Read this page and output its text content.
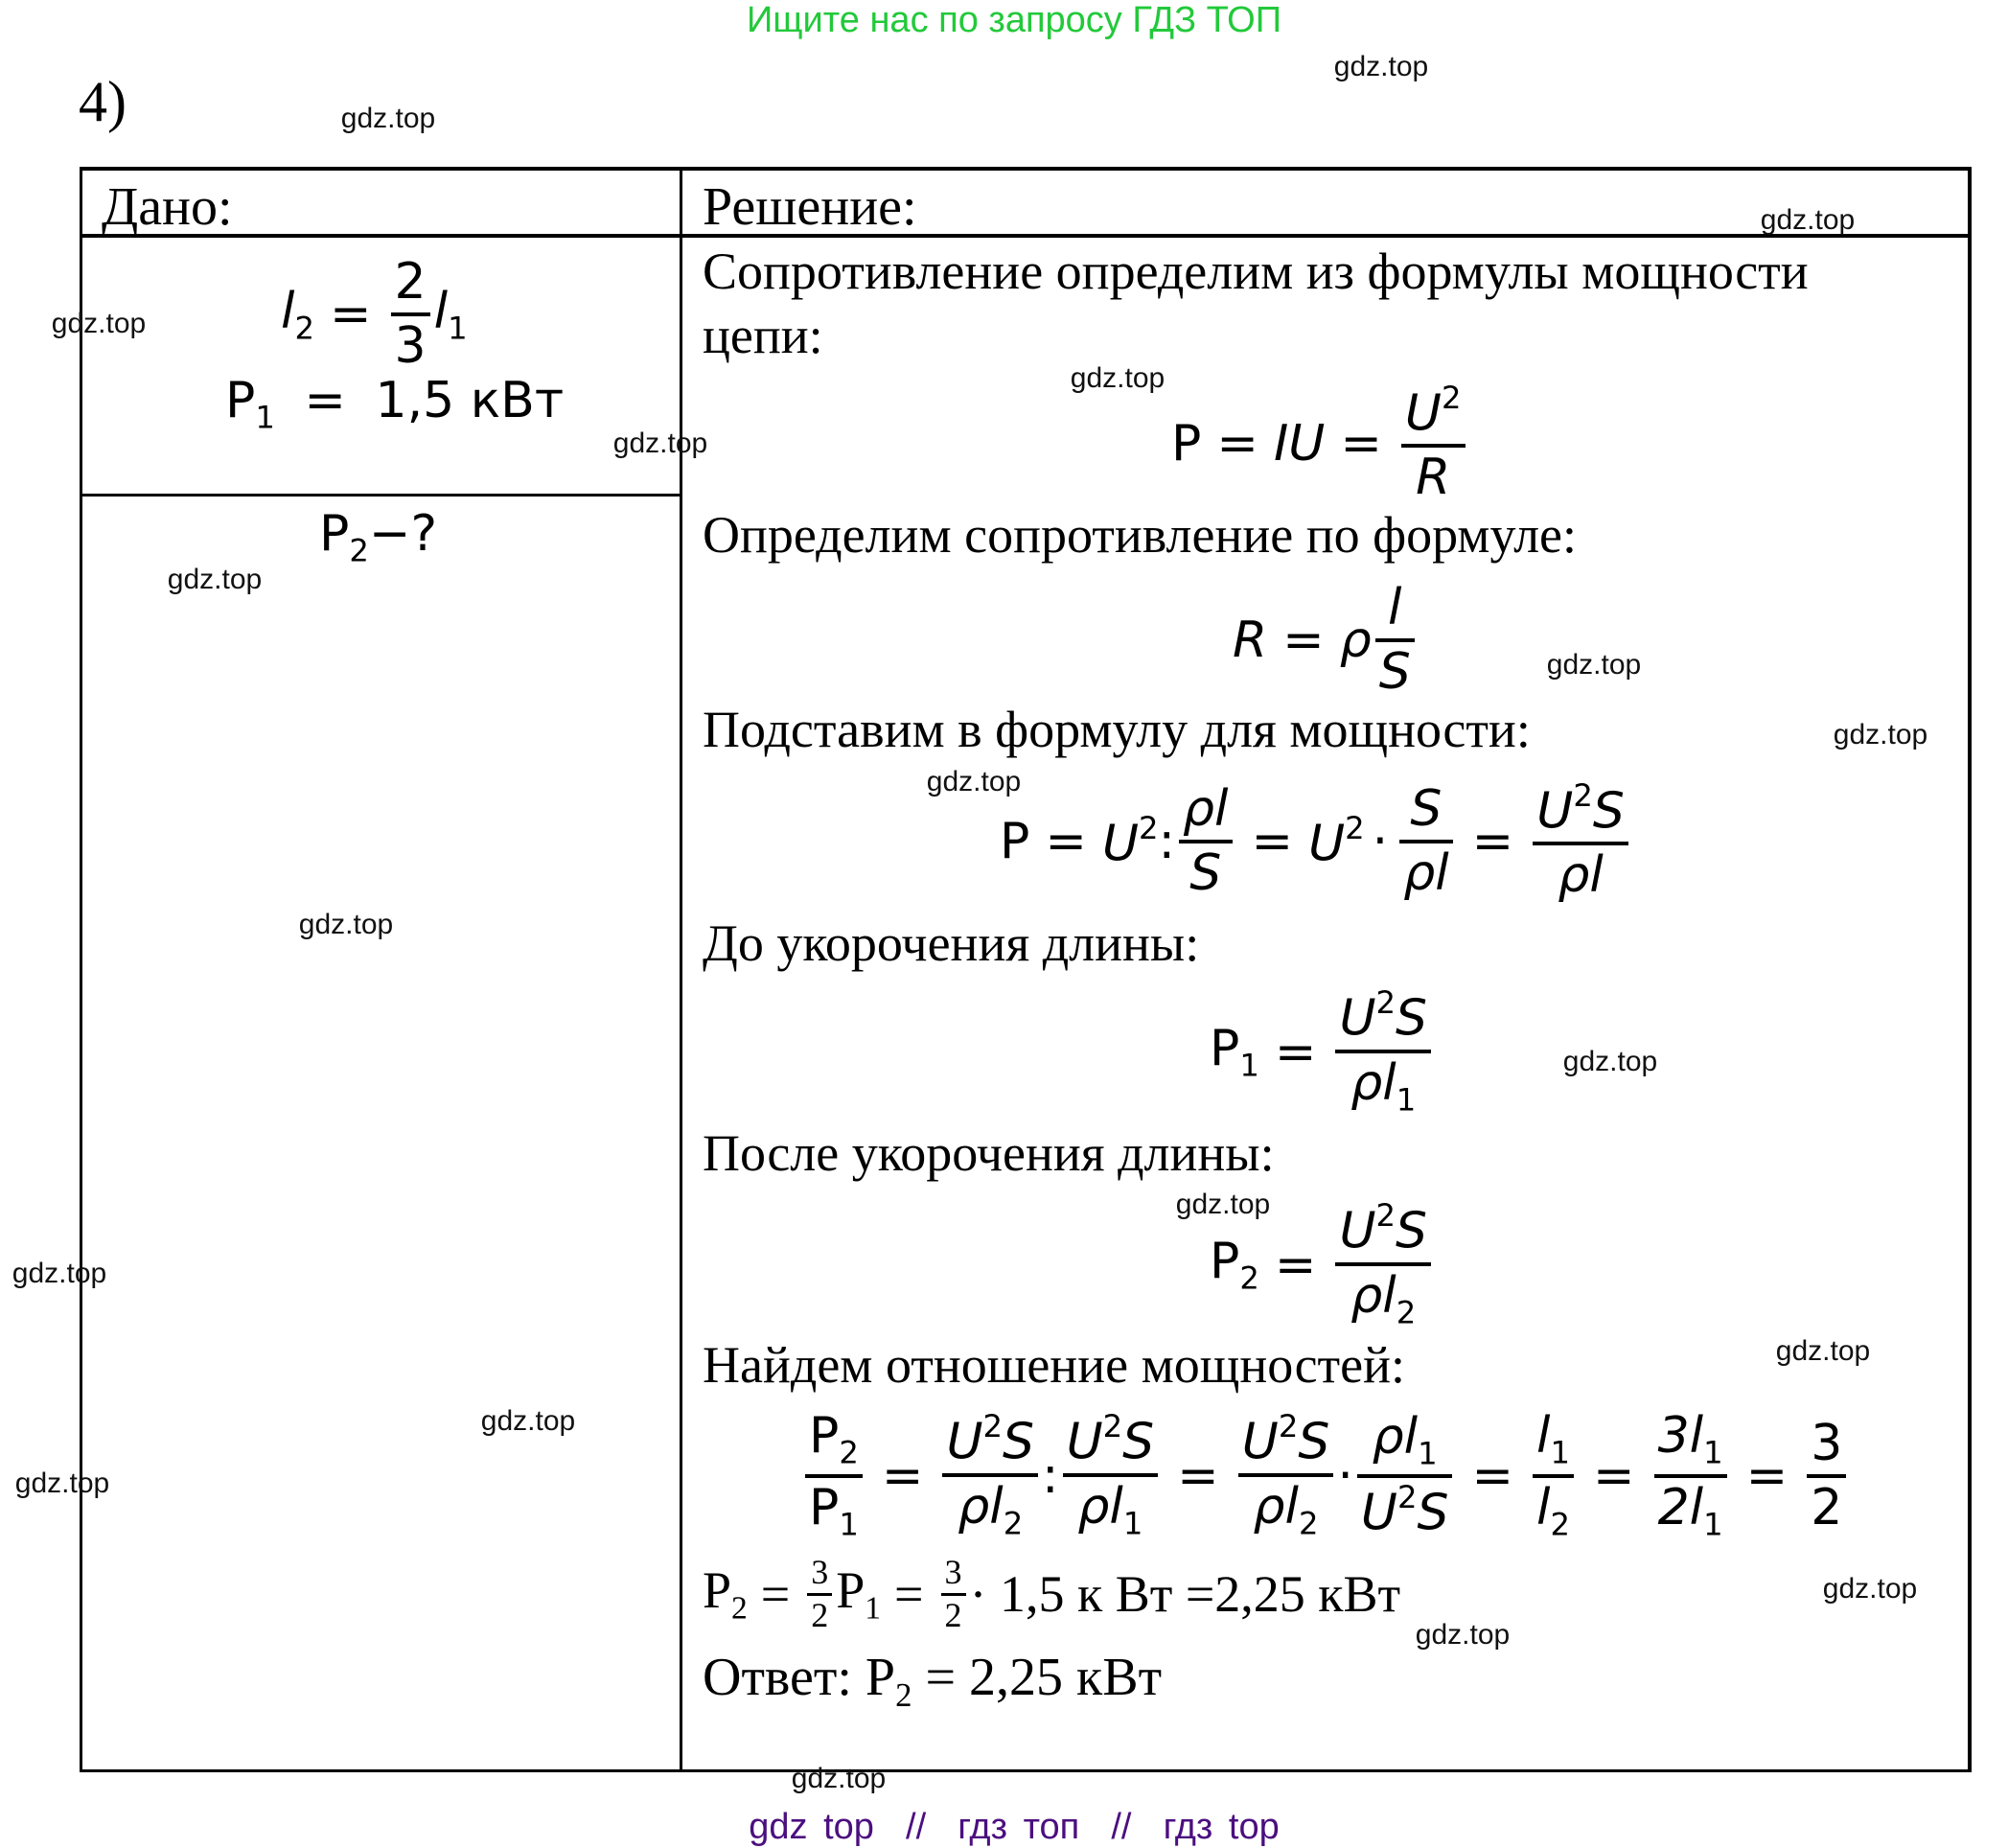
Ищите нас по запросу ГДЗ ТОП
4)
Дано:	Решение:
$l_2 = \frac{2}{3} l_1$
$P_1 = 1,5$ кВт
$P_2-$?
Сопротивление определим из формулы мощности
цепи:
P = IU = $\frac{U^2}{R}$
Определим сопротивление по формуле:
R = ρ $\frac{l}{S}$
Подставим в формулу для мощности:
$P = U^2$ : $\frac{\rho l}{S} = U^2 \cdot \frac{S}{\rho l} = \frac{U^2S}{\rho l}$
До укорочения длины:
$P_1 = \frac{U^2S}{\rho l_1}$
После укорочения длины:
$P_2 = \frac{U^2S}{\rho l_2}$
Найдем отношение мощностей:
$\frac{P_2}{P_1} = \frac{U^2S}{\rho l_2}$ : $\frac{U^2S}{\rho l_1} = \frac{U^2S}{\rho l_2} \cdot \frac{\rho l_1}{U^2S} = \frac{l_1}{l_2} = \frac{3l_1}{2l_1} = \frac{3}{2}$
$P_2 = \frac{3}{2} P_1 = \frac{3}{2} \cdot 1,5$ к Вт =2,25 кВт
Ответ: $P_2 = 2,25$ кВт
gdz.top
gdz.top
gdz.top
gdz.top
gdz.top
gdz.top
gdz.top
gdz.top
gdz.top
gdz.top
gdz.top
gdz.top
gdz.top
gdz.top
gdz.top
gdz.top
gdz.top
gdz.top
gdz.top
gdz.top
gdz top  //  гдз топ  //  гдз top
